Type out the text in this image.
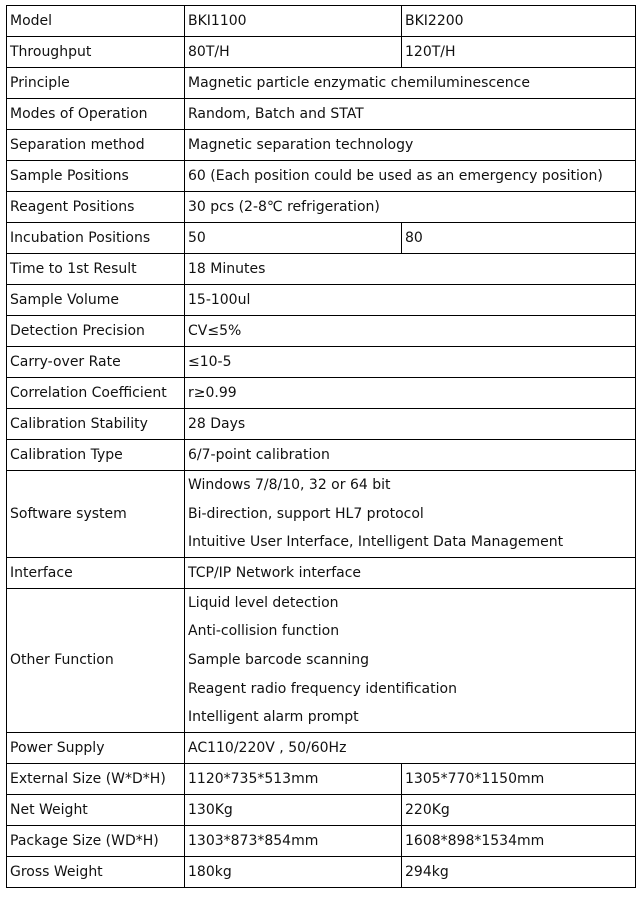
Model	BKI1100	BKI2200
Throughput	80T/H	120T/H
Principle	Magnetic particle enzymatic chemiluminescence	
Modes of Operation	Random, Batch and STAT	
Separation method	Magnetic separation technology	
Sample Positions	60 (Each position could be used as an emergency position)	
Reagent Positions	30 pcs (2-8℃ refrigeration)	
Incubation Positions	50	80
Time to 1st Result	18 Minutes	
Sample Volume	15-100ul	
Detection Precision	CV≤5%	
Carry-over Rate	≤10-5	
Correlation Coefficient	r≥0.99	
Calibration Stability	28 Days	
Calibration Type	6/7-point calibration	
Software system	Windows 7/8/10, 32 or 64 bit
Bi-direction, support HL7 protocol
Intuitive User Interface, Intelligent Data Management	

Interface	TCP/IP Network interface	
Other Function	Liquid level detection
Anti-collision function
Sample barcode scanning
Reagent radio frequency identification
Intelligent alarm prompt	

Power Supply	AC110/220V , 50/60Hz	
External Size (W*D*H)	1120*735*513mm	1305*770*1150mm
Net Weight	130Kg	220Kg
Package Size (WD*H)	1303*873*854mm	1608*898*1534mm
Gross Weight	180kg	294kg
